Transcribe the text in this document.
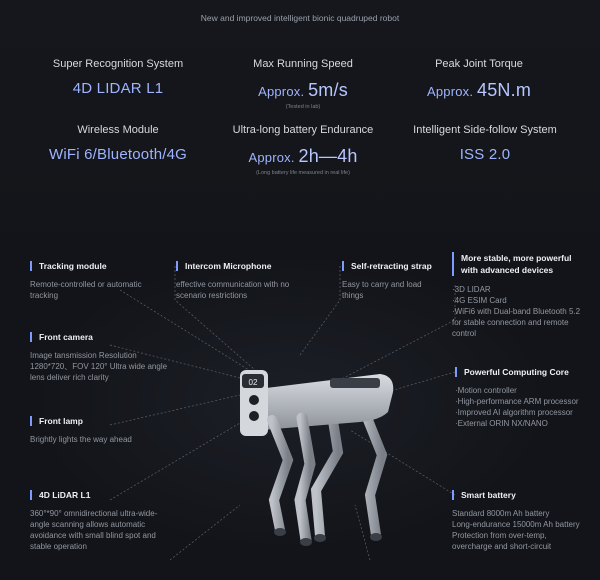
New and improved intelligent bionic quadruped robot
Super Recognition System
4D LIDAR L1
Max Running Speed
Approx. 5m/s
(Tested in lab)
Peak Joint Torque
Approx. 45N.m
Wireless Module
WiFi 6/Bluetooth/4G
Ultra-long battery Endurance
Approx. 2h—4h
(Long battery life measured in real life)
Intelligent Side-follow System
ISS 2.0
02
Tracking module
Remote-controlled or automatic tracking
Intercom Microphone
effective communication with no scenario restrictions
Self-retracting strap
Easy to carry and load things
More stable, more powerful with advanced devices
·3D LIDAR
·4G ESIM Card
·WiFi6 with Dual-band Bluetooth 5.2 for stable connection and remote control
Front camera
Image tansmission Resolution 1280*720、FOV 120° Ultra wide angle lens deliver rich clarity
Powerful Computing Core
·Motion controller
·High-performance ARM processor
·Improved AI algorithm processor
·External ORIN NX/NANO
Front lamp
Brightly lights the way ahead
4D LiDAR L1
360°*90° omnidirectional ultra-wide-angle scanning allows automatic avoidance with small blind spot and stable operation
Smart battery
Standard 8000m Ah battery
Long-endurance 15000m Ah battery
Protection from over-temp, overcharge and short-circuit
